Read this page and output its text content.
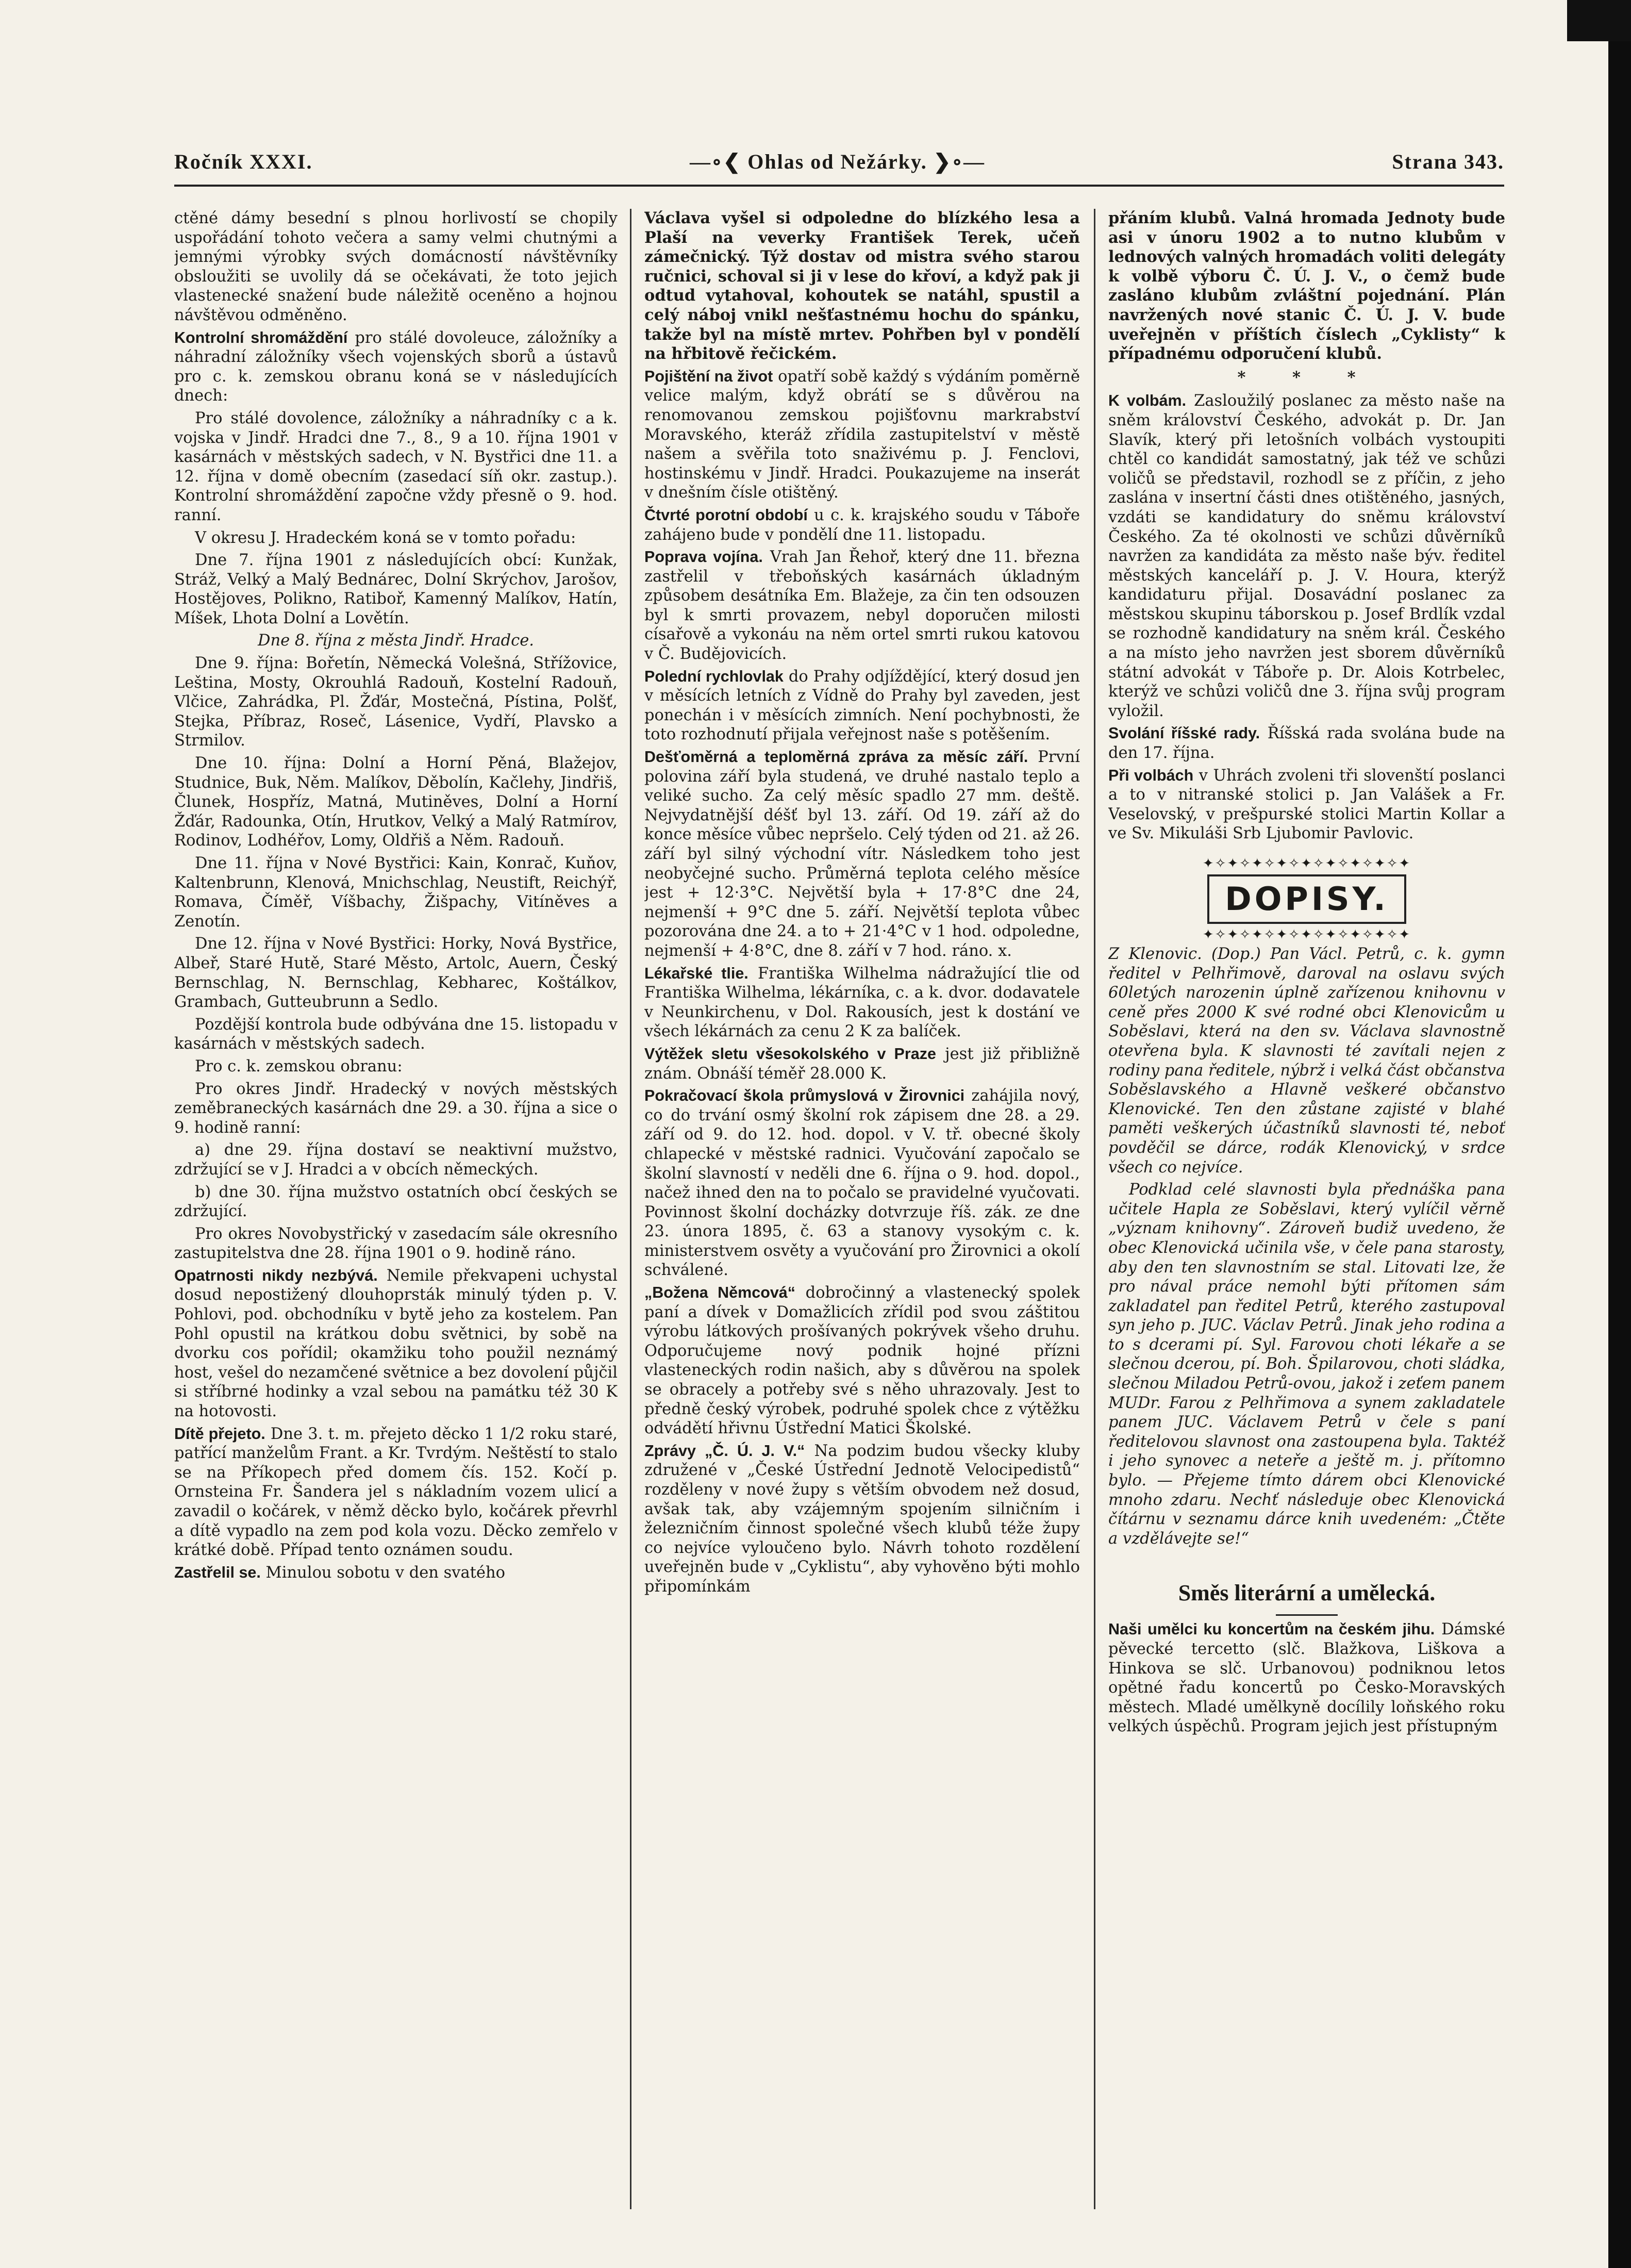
Ročník XXXI.	—∘❮ Ohlas od Nežárky. ❯∘—	Strana 343.

ctěné dámy besední s plnou horlivostí se chopily uspořádání tohoto večera a samy velmi chutnými a jemnými výrobky svých domácností návštěvníky obsloužiti se uvolily dá se očekávati, že toto jejich vlastenecké snažení bude náležitě oceněno a hojnou návštěvou odměněno.

Kontrolní shromáždění pro stálé dovoleuce, záložníky a náhradní záložníky všech vojenských sborů a ústavů pro c. k. zemskou obranu koná se v následujících dnech:

Pro stálé dovolence, záložníky a náhradníky c a k. vojska v Jindř. Hradci dne 7., 8., 9 a 10. října 1901 v kasárnách v městských sadech, v N. Bystřici dne 11. a 12. října v domě obecním (zasedací síň okr. zastup.). Kontrolní shromáždění započne vždy přesně o 9. hod. ranní.

V okresu J. Hradeckém koná se v tomto pořadu:

Dne 7. října 1901 z následujících obcí: Kunžak, Stráž, Velký a Malý Bednárec, Dolní Skrýchov, Jarošov, Hostějoves, Polikno, Ratiboř, Kamenný Malíkov, Hatín, Míšek, Lhota Dolní a Lovětín.

Dne 8. října z města Jindř. Hradce.

Dne 9. října: Bořetín, Německá Volešná, Střížovice, Leština, Mosty, Okrouhlá Radouň, Kostelní Radouň, Vlčice, Zahrádka, Pl. Žďár, Mostečná, Pístina, Polšť, Stejka, Příbraz, Roseč, Lásenice, Vydří, Plavsko a Strmilov.

Dne 10. října: Dolní a Horní Pěná, Blažejov, Studnice, Buk, Něm. Malíkov, Děbolín, Kačlehy, Jindřiš, Člunek, Hospříz, Matná, Mutiněves, Dolní a Horní Žďár, Radounka, Otín, Hrutkov, Velký a Malý Ratmírov, Rodinov, Lodhéřov, Lomy, Oldřiš a Něm. Radouň.

Dne 11. října v Nové Bystřici: Kain, Konrač, Kuňov, Kaltenbrunn, Klenová, Mnichschlag, Neustift, Reichýř, Romava, Číměř, Víšbachy, Žišpachy, Vitíněves a Zenotín.

Dne 12. října v Nové Bystřici: Horky, Nová Bystřice, Albeř, Staré Hutě, Staré Město, Artolc, Auern, Český Bernschlag, N. Bernschlag, Kebharec, Koštálkov, Grambach, Gutteubrunn a Sedlo.

Pozdější kontrola bude odbývána dne 15. listopadu v kasárnách v městských sadech.

Pro c. k. zemskou obranu:

Pro okres Jindř. Hradecký v nových městských zeměbraneckých kasárnách dne 29. a 30. října a sice o 9. hodině ranní:

a) dne 29. října dostaví se neaktivní mužstvo, zdržující se v J. Hradci a v obcích německých.

b) dne 30. října mužstvo ostatních obcí českých se zdržující.

Pro okres Novobystřický v zasedacím sále okresního zastupitelstva dne 28. října 1901 o 9. hodině ráno.

Opatrnosti nikdy nezbývá. Nemile překvapeni uchystal dosud nepostižený dlouhoprsták minulý týden p. V. Pohlovi, pod. obchodníku v bytě jeho za kostelem. Pan Pohl opustil na krátkou dobu světnici, by sobě na dvorku cos pořídil; okamžiku toho použil neznámý host, vešel do nezamčené světnice a bez dovolení půjčil si stříbrné hodinky a vzal sebou na památku též 30 K na hotovosti.

Dítě přejeto. Dne 3. t. m. přejeto děcko 1 1/2 roku staré, patřící manželům Frant. a Kr. Tvrdým. Neštěstí to stalo se na Příkopech před domem čís. 152. Kočí p. Ornsteina Fr. Šandera jel s nákladním vozem ulicí a zavadil o kočárek, v němž děcko bylo, kočárek převrhl a dítě vypadlo na zem pod kola vozu. Děcko zemřelo v krátké době. Případ tento oznámen soudu.

Zastřelil se. Minulou sobotu v den svatého

Václava vyšel si odpoledne do blízkého lesa a Plaší na veverky František Terek, učeň zámečnický. Týž dostav od mistra svého starou ručnici, schoval si ji v lese do křoví, a když pak ji odtud vytahoval, kohoutek se natáhl, spustil a celý náboj vnikl nešťastnému hochu do spánku, takže byl na místě mrtev. Pohřben byl v pondělí na hřbitově řečickém.

Pojištění na život opatří sobě každý s výdáním poměrně velice malým, když obrátí se s důvěrou na renomovanou zemskou pojišťovnu markrabství Moravského, kteráž zřídila zastupitelství v městě našem a svěřila toto snaživému p. J. Fenclovi, hostinskému v Jindř. Hradci. Poukazujeme na inserát v dnešním čísle otištěný.

Čtvrté porotní období u c. k. krajského soudu v Táboře zahájeno bude v pondělí dne 11. listopadu.

Poprava vojína. Vrah Jan Řehoř, který dne 11. března zastřelil v třeboňských kasárnách úkladným způsobem desátníka Em. Blažeje, za čin ten odsouzen byl k smrti provazem, nebyl doporučen milosti císařově a vykonáu na něm ortel smrti rukou katovou v Č. Budějovicích.

Polední rychlovlak do Prahy odjíždějící, který dosud jen v měsících letních z Vídně do Prahy byl zaveden, jest ponechán i v měsících zimních. Není pochybnosti, že toto rozhodnutí přijala veřejnost naše s potěšením.

Dešťoměrná a teploměrná zpráva za měsíc září. První polovina září byla studená, ve druhé nastalo teplo a veliké sucho. Za celý měsíc spadlo 27 mm. deště. Nejvydatnější déšť byl 13. září. Od 19. září až do konce měsíce vůbec nepršelo. Celý týden od 21. až 26. září byl silný východní vítr. Následkem toho jest neobyčejné sucho. Průměrná teplota celého měsíce jest + 12·3°C. Největší byla + 17·8°C dne 24, nejmenší + 9°C dne 5. září. Největší teplota vůbec pozorována dne 24. a to + 21·4°C v 1 hod. odpoledne, nejmenší + 4·8°C, dne 8. září v 7 hod. ráno. x.

Lékařské tlie. Františka Wilhelma nádražující tlie od Františka Wilhelma, lékárníka, c. a k. dvor. dodavatele v Neunkirchenu, v Dol. Rakousích, jest k dostání ve všech lékárnách za cenu 2 K za balíček.

Výtěžek sletu všesokolského v Praze jest již přibližně znám. Obnáší téměř 28.000 K.

Pokračovací škola průmyslová v Žirovnici zahájila nový, co do trvání osmý školní rok zápisem dne 28. a 29. září od 9. do 12. hod. dopol. v V. tř. obecné školy chlapecké v městské radnici. Vyučování započalo se školní slavností v neděli dne 6. října o 9. hod. dopol., načež ihned den na to počalo se pravidelné vyučovati. Povinnost školní docházky dotvrzuje říš. zák. ze dne 23. února 1895, č. 63 a stanovy vysokým c. k. ministerstvem osvěty a vyučování pro Žirovnici a okolí schválené.

„Božena Němcová“ dobročinný a vlastenecký spolek paní a dívek v Domažlicích zřídil pod svou záštitou výrobu látkových prošívaných pokrývek všeho druhu. Odporučujeme nový podnik hojné přízni vlasteneckých rodin našich, aby s důvěrou na spolek se obracely a potřeby své s něho uhrazovaly. Jest to předně český výrobek, podruhé spolek chce z výtěžku odvádětí hřivnu Ústřední Matici Školské.

Zprávy „Č. Ú. J. V.“ Na podzim budou všecky kluby združené v „České Ústřední Jednotě Velocipedistů“ rozděleny v nové župy s větším obvodem než dosud, avšak tak, aby vzájemným spojením silničním i železničním činnost společné všech klubů téže župy co nejvíce vyloučeno bylo. Návrh tohoto rozdělení uveřejněn bude v „Cyklistu“, aby vyhověno býti mohlo připomínkám

přáním klubů. Valná hromada Jednoty bude asi v únoru 1902 a to nutno klubům v lednových valných hromadách voliti delegáty k volbě výboru Č. Ú. J. V., o čemž bude zasláno klubům zvláštní pojednání. Plán navržených nové stanic Č. Ú. J. V. bude uveřejněn v příštích číslech „Cyklisty“ k případnému odporučení klubů.

* * *

K volbám. Zasloužilý poslanec za město naše na sněm království Českého, advokát p. Dr. Jan Slavík, který při letošních volbách vystoupiti chtěl co kandidát samostatný, jak též ve schůzi voličů se představil, rozhodl se z příčin, z jeho zaslána v insertní části dnes otištěného, jasných, vzdáti se kandidatury do sněmu království Českého. Za té okolnosti ve schůzi důvěrníků navržen za kandidáta za město naše býv. ředitel městských kanceláří p. J. V. Houra, kterýž kandidaturu přijal. Dosavádní poslanec za městskou skupinu táborskou p. Josef Brdlík vzdal se rozhodně kandidatury na sněm král. Českého a na místo jeho navržen jest sborem důvěrníků státní advokát v Táboře p. Dr. Alois Kotrbelec, kterýž ve schůzi voličů dne 3. října svůj program vyložil.

Svolání říšské rady. Říšská rada svolána bude na den 17. října.

Při volbách v Uhrách zvoleni tři slovenští poslanci a to v nitranské stolici p. Jan Valášek a Fr. Veselovský, v prešpurské stolici Martin Kollar a ve Sv. Mikuláši Srb Ljubomir Pavlovic.

✦✧✦✧✦✧✦✧✦✧✦✧✦✧✦✧✦
DOPISY.
✦✧✦✧✦✧✦✧✦✧✦✧✦✧✦✧✦

Z Klenovic. (Dop.) Pan Václ. Petrů, c. k. gymn ředitel v Pelhřimově, daroval na oslavu svých 60letých narozenin úplně zařízenou knihovnu v ceně přes 2000 K své rodné obci Klenovicům u Soběslavi, která na den sv. Václava slavnostně otevřena byla. K slavnosti té zavítali nejen z rodiny pana ředitele, nýbrž i velká část občanstva Soběslavského a Hlavně veškeré občanstvo Klenovické. Ten den zůstane zajisté v blahé paměti veškerých účastníků slavnosti té, neboť povděčil se dárce, rodák Klenovický, v srdce všech co nejvíce.

Podklad celé slavnosti byla přednáška pana učitele Hapla ze Soběslavi, který vylíčil věrně „význam knihovny“. Zároveň budiž uvedeno, že obec Klenovická učinila vše, v čele pana starosty, aby den ten slavnostním se stal. Litovati lze, že pro nával práce nemohl býti přítomen sám zakladatel pan ředitel Petrů, kterého zastupoval syn jeho p. JUC. Václav Petrů. Jinak jeho rodina a to s dcerami pí. Syl. Farovou choti lékaře a se slečnou dcerou, pí. Boh. Špilarovou, choti sládka, slečnou Miladou Petrů-ovou, jakož i zeťem panem MUDr. Farou z Pelhřimova a synem zakladatele panem JUC. Václavem Petrů v čele s paní ředitelovou slavnost ona zastoupena byla. Taktéž i jeho synovec a neteře a ještě m. j. přítomno bylo. — Přejeme tímto dárem obci Klenovické mnoho zdaru. Nechť následuje obec Klenovická čítárnu v seznamu dárce knih uvedeném: „Čtěte a vzdělávejte se!“

Směs literární a umělecká.

Naši umělci ku koncertům na českém jihu. Dámské pěvecké tercetto (slč. Blažkova, Liškova a Hinkova se slč. Urbanovou) podniknou letos opětné řadu koncertů po Česko-Moravských městech. Mladé umělkyně docílily loňského roku velkých úspěchů. Program jejich jest přístupným
